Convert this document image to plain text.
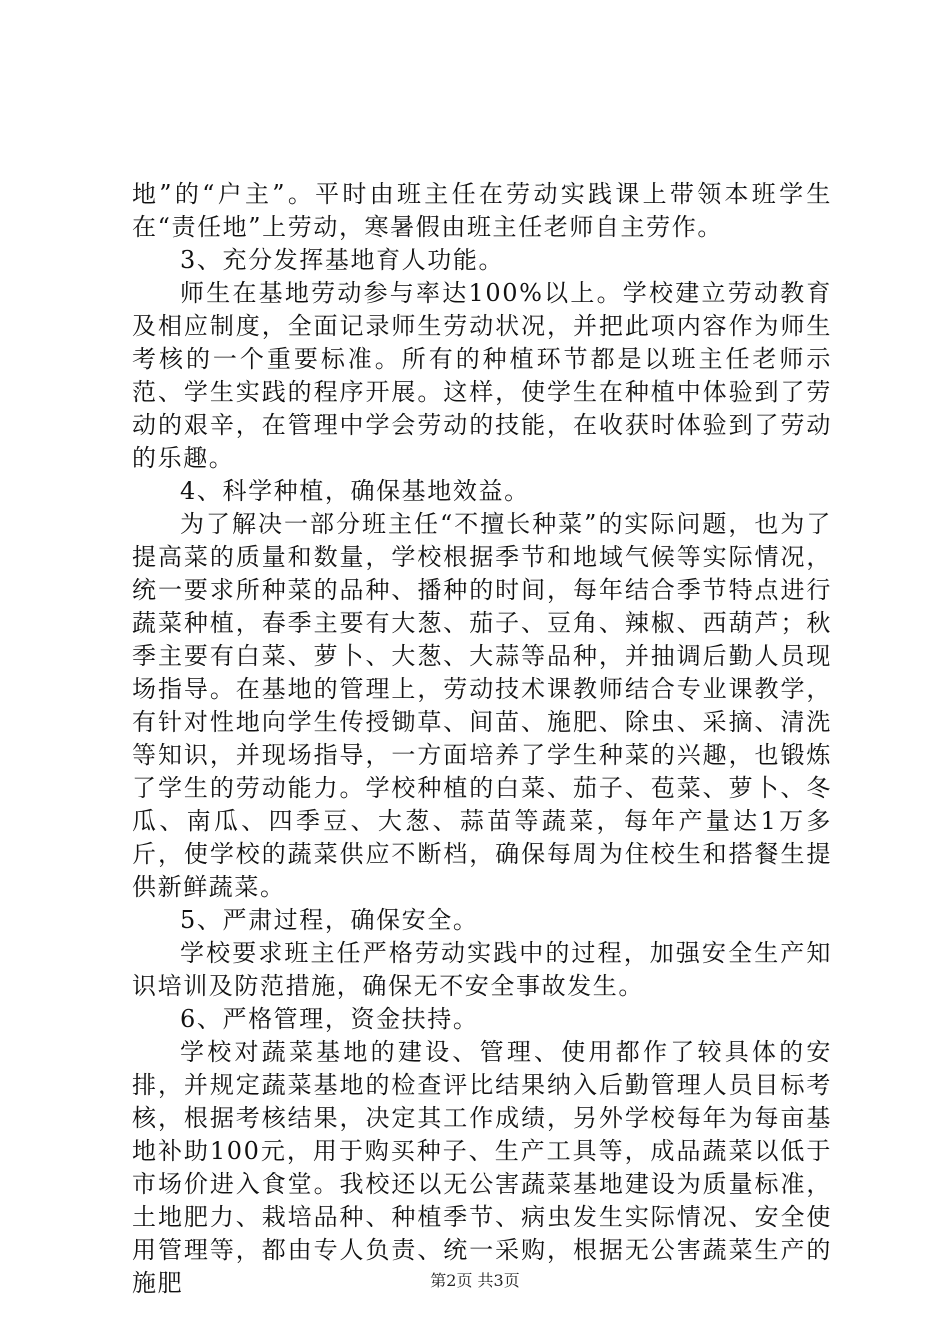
地”的“户主”。平时由班主任在劳动实践课上带领本班学生在“责任地”上劳动，寒暑假由班主任老师自主劳作。

3、充分发挥基地育人功能。

师生在基地劳动参与率达100%以上。学校建立劳动教育及相应制度，全面记录师生劳动状况，并把此项内容作为师生考核的一个重要标准。所有的种植环节都是以班主任老师示范、学生实践的程序开展。这样，使学生在种植中体验到了劳动的艰辛，在管理中学会劳动的技能，在收获时体验到了劳动的乐趣。

4、科学种植，确保基地效益。

为了解决一部分班主任“不擅长种菜”的实际问题，也为了提高菜的质量和数量，学校根据季节和地域气候等实际情况，统一要求所种菜的品种、播种的时间，每年结合季节特点进行蔬菜种植，春季主要有大葱、茄子、豆角、辣椒、西葫芦；秋季主要有白菜、萝卜、大葱、大蒜等品种，并抽调后勤人员现场指导。在基地的管理上，劳动技术课教师结合专业课教学，有针对性地向学生传授锄草、间苗、施肥、除虫、采摘、清洗等知识，并现场指导，一方面培养了学生种菜的兴趣，也锻炼了学生的劳动能力。学校种植的白菜、茄子、苞菜、萝卜、冬瓜、南瓜、四季豆、大葱、蒜苗等蔬菜，每年产量达1万多斤，使学校的蔬菜供应不断档，确保每周为住校生和搭餐生提供新鲜蔬菜。

5、严肃过程，确保安全。

学校要求班主任严格劳动实践中的过程，加强安全生产知识培训及防范措施，确保无不安全事故发生。

6、严格管理，资金扶持。

学校对蔬菜基地的建设、管理、使用都作了较具体的安排，并规定蔬菜基地的检查评比结果纳入后勤管理人员目标考核，根据考核结果，决定其工作成绩，另外学校每年为每亩基地补助100元，用于购买种子、生产工具等，成品蔬菜以低于市场价进入食堂。我校还以无公害蔬菜基地建设为质量标准，土地肥力、栽培品种、种植季节、病虫发生实际情况、安全使用管理等，都由专人负责、统一采购，根据无公害蔬菜生产的施肥	第2页 共3页
